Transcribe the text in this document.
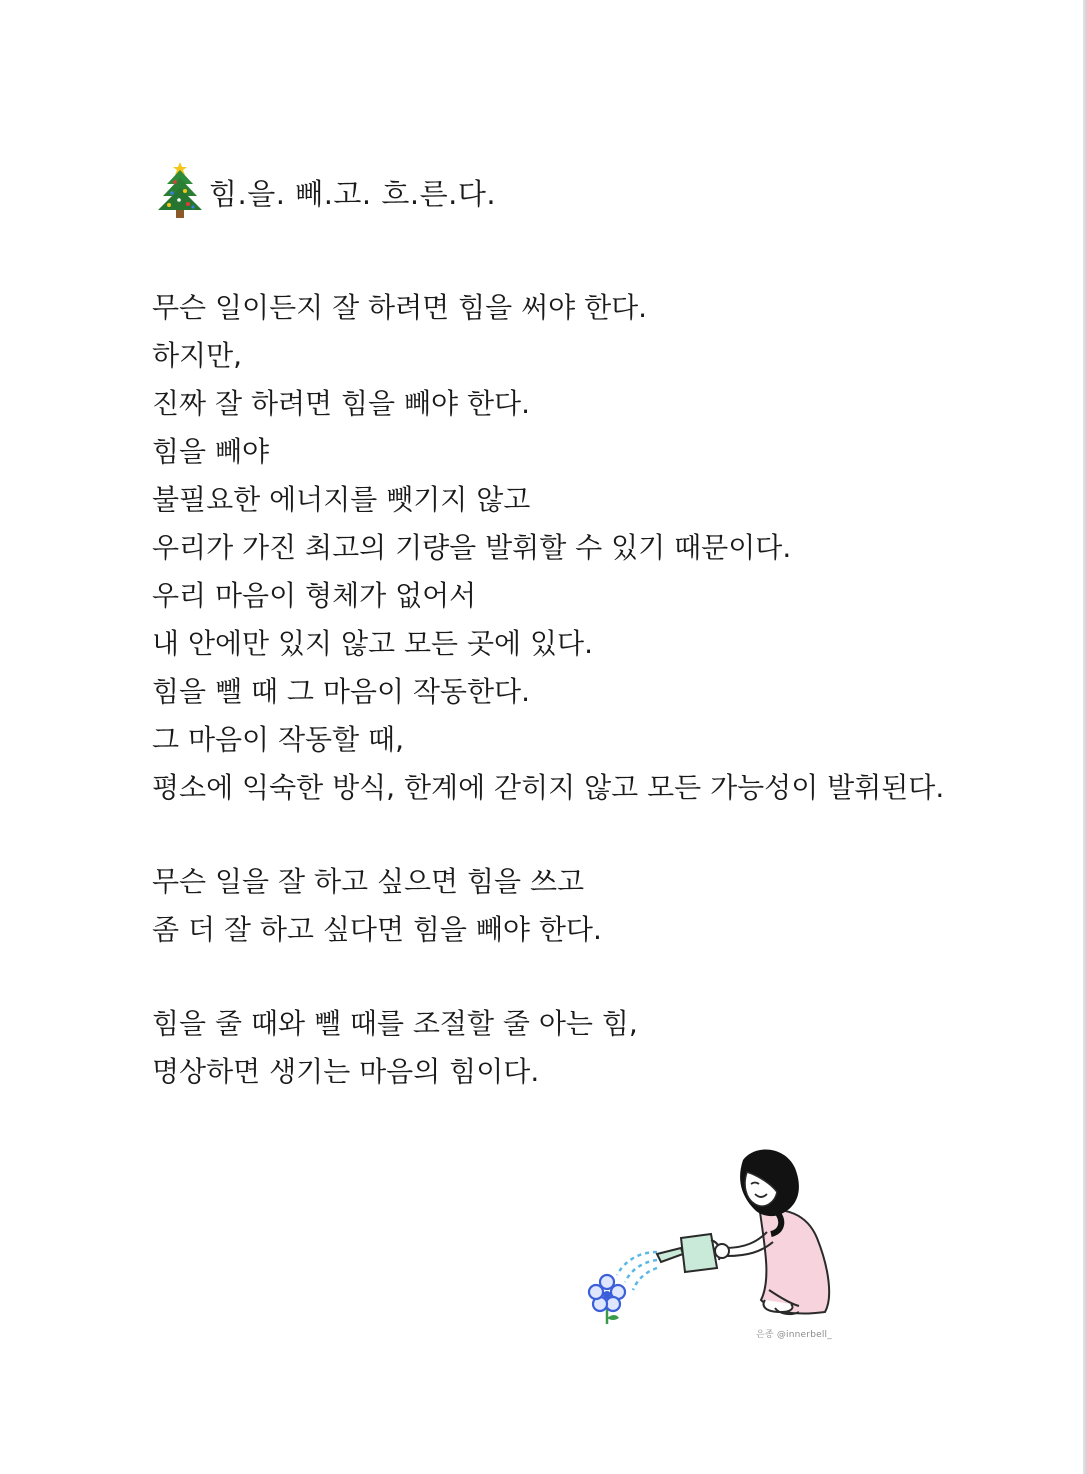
힘.을. 빼.고. 흐.른.다.
무슨 일이든지 잘 하려면 힘을 써야 한다.
하지만,
진짜 잘 하려면 힘을 빼야 한다.
힘을 빼야
불필요한 에너지를 뺏기지 않고
우리가 가진 최고의 기량을 발휘할 수 있기 때문이다.
우리 마음이 형체가 없어서
내 안에만 있지 않고 모든 곳에 있다.
힘을 뺄 때 그 마음이 작동한다.
그 마음이 작동할 때,
평소에 익숙한 방식, 한계에 갇히지 않고 모든 가능성이 발휘된다.
무슨 일을 잘 하고 싶으면 힘을 쓰고
좀 더 잘 하고 싶다면 힘을 빼야 한다.
힘을 줄 때와 뺄 때를 조절할 줄 아는 힘,
명상하면 생기는 마음의 힘이다.
은종 @innerbell_
